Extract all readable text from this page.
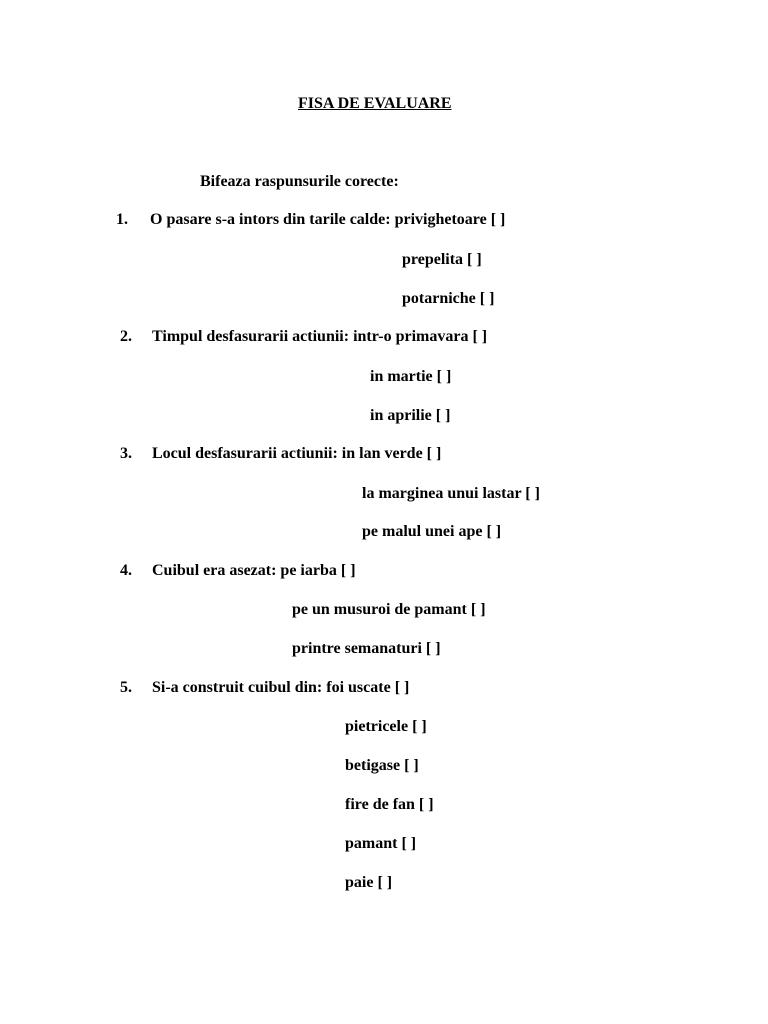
FISA DE EVALUARE
Bifeaza raspunsurile corecte:
1. O pasare s-a intors din tarile calde: privighetoare [ ]
prepelita [ ]
potarniche [ ]
2. Timpul desfasurarii actiunii: intr-o primavara [ ]
in martie [ ]
in aprilie [ ]
3. Locul desfasurarii actiunii: in lan verde [ ]
la marginea unui lastar [ ]
pe malul unei ape [ ]
4. Cuibul era asezat: pe iarba [ ]
pe un musuroi de pamant [ ]
printre semanaturi [ ]
5. Si-a construit cuibul din: foi uscate [ ]
pietricele [ ]
betigase [ ]
fire de fan [ ]
pamant [ ]
paie [ ]
